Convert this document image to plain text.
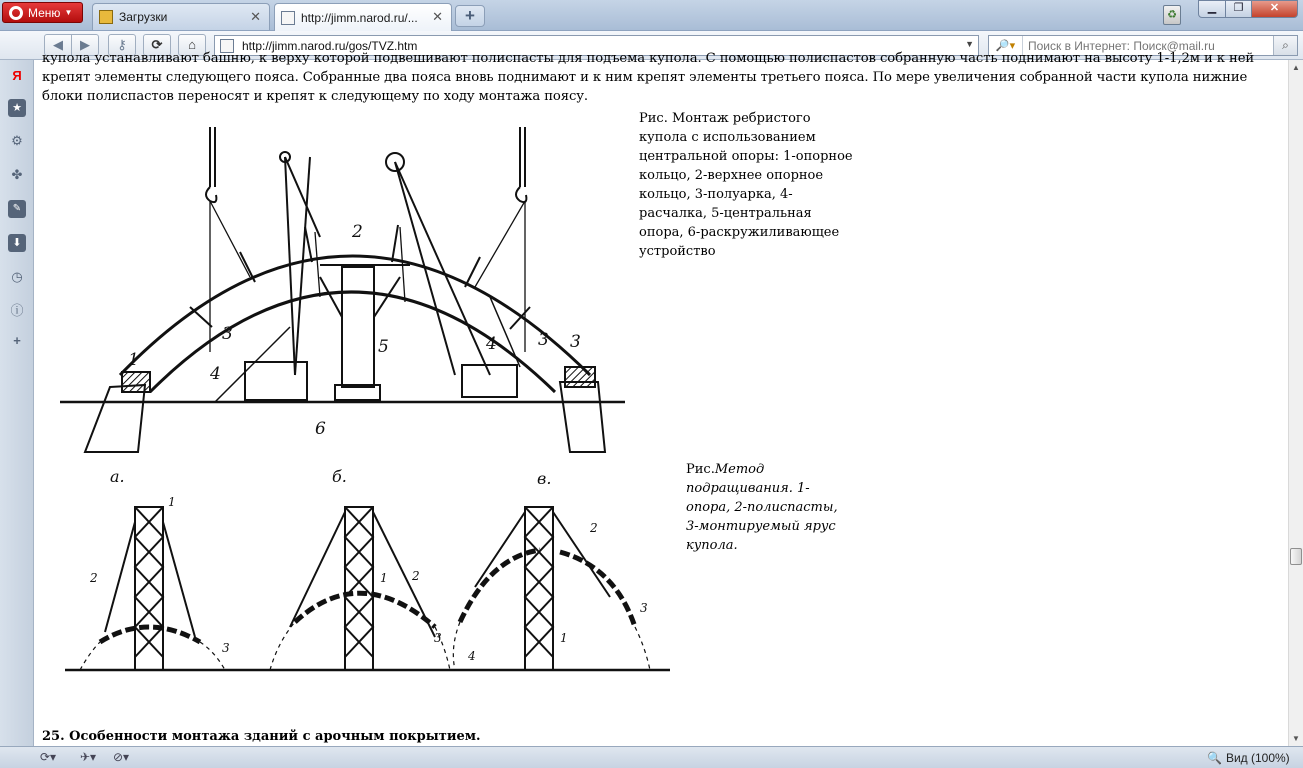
Меню ▼	Загрузки	✕	http://jimm.narod.ru/... ✕	+	♻
▁	❐	✕
◀	▶	⚷	⟳	⌂	http://jimm.narod.ru/gos/TVZ.htm	▼	🔎▾
Поиск в Интернет: Поиск@mail.ru	⌕
Я
★
⚙
✤
✎
⬇
◷
ⓘ
+
купола устанавливают башню, к верху которой подвешивают полиспасты для подъема купола. С помощью полиспастов собранную часть поднимают на высоту 1-1,2м и к ней крепят элементы следующего пояса. Собранные два пояса вновь поднимают и к ним крепят элементы третьего пояса. По мере увеличения собранной части купола нижние блоки полиспастов переносят и крепят к следующему по ходу монтажа поясу.
1
2
3	3
3
4
4
5
6
Рис. Монтаж ребристого купола с использованием центральной опоры: 1-опорное кольцо, 2-верхнее опорное кольцо, 3-полуарка, 4-расчалка, 5-центральная опора, 6-раскружиливающее устройство
а.	б.	в.
1
1
1
2	2
2
3
3
3
4
Рис.Метод подращивания. 1-опора, 2-полиспасты, 3-монтируемый ярус купола.
25. Особенности монтажа зданий с арочным покрытием.
▲
▼
⟳▾ ✈▾ ⊘▾	🔍 Вид (100%)
